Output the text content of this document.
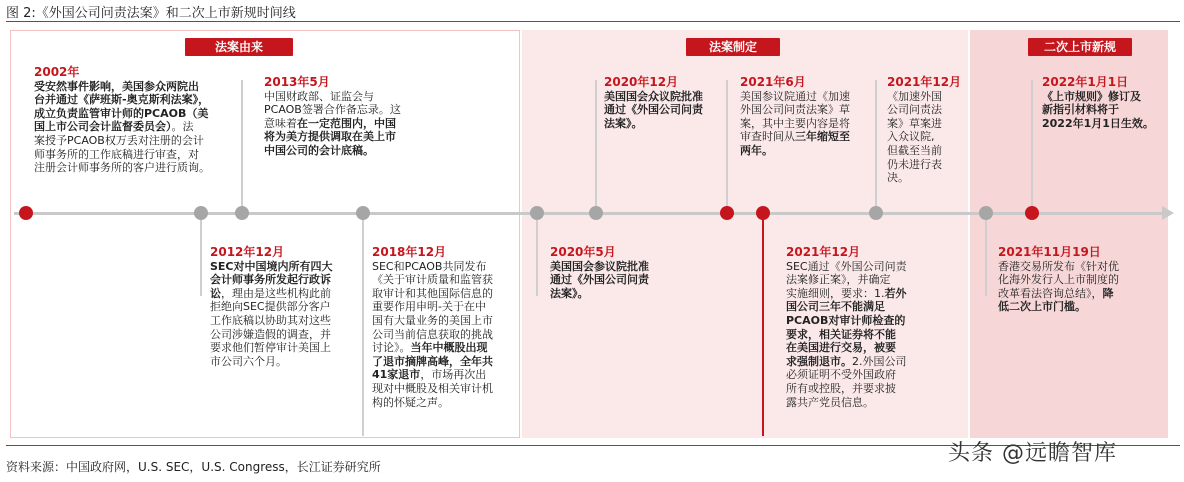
图 2:《外国公司问责法案》和二次上市新规时间线
法案由来	法案制定	二次上市新规
2002年
受安然事件影响，美国参众两院出
台并通过《萨班斯-奥克斯利法案》，
成立负责监管审计师的PCAOB（美
国上市公司会计监督委员会）。法
案授予PCAOB权万丢对注册的会计
师事务所的工作底稿进行审查，对
注册会计师事务所的客户进行质询。
2013年5月
中国财政部、证监会与
PCAOB签署合作备忘录。这
意味着在一定范围内，中国
将为美方提供调取在美上市
中国公司的会计底稿。
2012年12月
SEC对中国境内所有四大
会计师事务所发起行政诉
讼，理由是这些机构此前
拒绝向SEC提供部分客户
工作底稿以协助其对这些
公司涉嫌造假的调查，并
要求他们暂停审计美国上
市公司六个月。
2018年12月
SEC和PCAOB共同发布
《关于审计质量和监管获
取审计和其他国际信息的
重要作用申明-关于在中
国有大量业务的美国上市
公司当前信息获取的挑战
讨论》。当年中概股出现
了退市摘牌高峰，全年共
41家退市，市场再次出
现对中概股及相关审计机
构的怀疑之声。
2020年12月
美国国会众议院批准
通过《外国公司问责
法案》。
2020年5月
美国国会参议院批准
通过《外国公司问责
法案》。
2021年6月
美国参议院通过《加速
外国公司问责法案》草
案，其中主要内容是将
审查时间从三年缩短至
两年。
2021年12月
《加速外国
公司问责法
案》草案进
入众议院,
但截至当前
仍未进行表
决。
2021年12月
SEC通过《外国公司问责
法案修正案》，并确定
实施细则，要求：1.若外
国公司三年不能满足
PCAOB对审计师检查的
要求，相关证券将不能
在美国进行交易，被要
求强制退市。2.外国公司
必须证明不受外国政府
所有或控股，并要求披
露共产党员信息。
2022年1月1日
《上市规则》修订及
新指引材料将于
2022年1月1日生效。
2021年11月19日
香港交易所发布《针对优
化海外发行人上市制度的
改革看法咨询总结》，降
低二次上市门槛。
资料来源：中国政府网，U.S. SEC，U.S. Congress，长江证券研究所
头条 @远瞻智库
